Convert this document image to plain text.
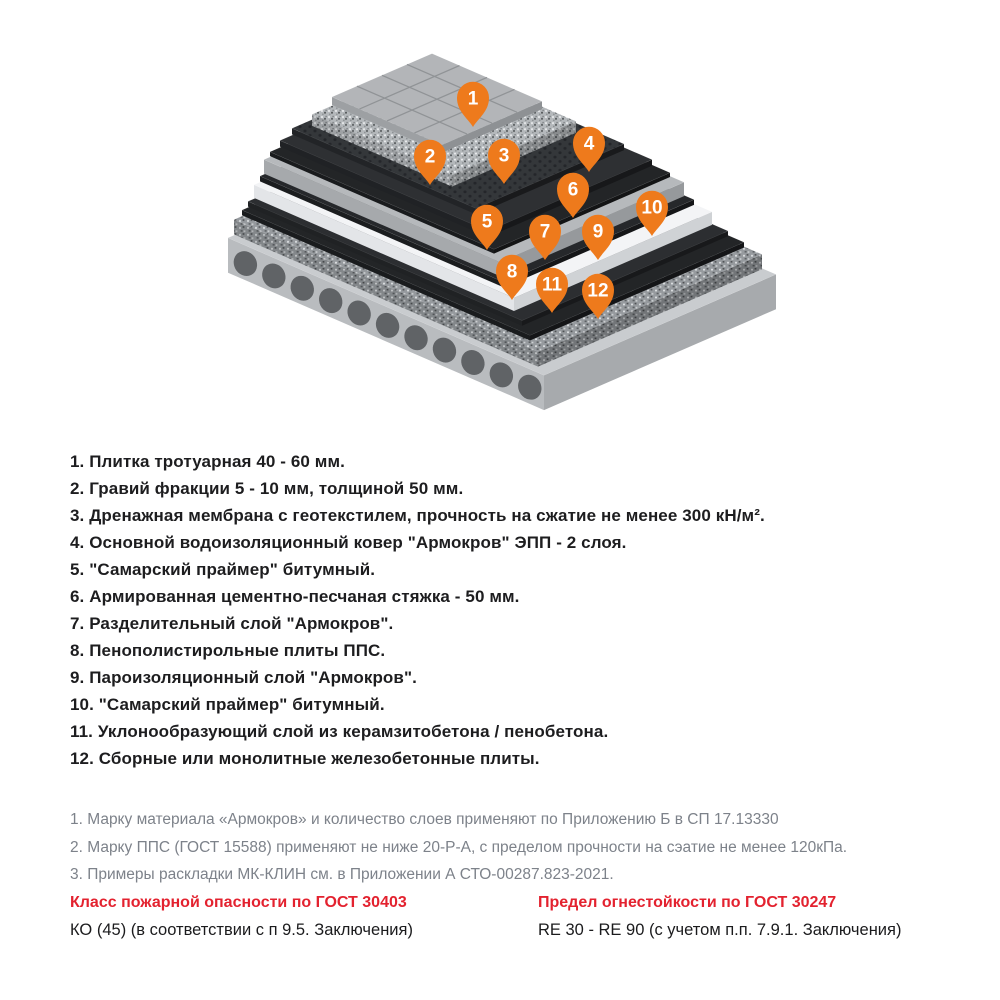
1
2	3
4
5
6
7
8
9
10
11 12
1. Плитка тротуарная 40 - 60 мм.
2. Гравий фракции 5 - 10 мм, толщиной 50 мм.
3. Дренажная мембрана с геотекстилем, прочность на сжатие не менее 300 кН/м².
4. Основной водоизоляционный ковер "Армокров" ЭПП - 2 слоя.
5. "Самарский праймер" битумный.
6. Армированная цементно-песчаная стяжка - 50 мм.
7. Разделительный слой "Армокров".
8. Пенополистирольные плиты ППС.
9. Пароизоляционный слой "Армокров".
10. "Самарский праймер" битумный.
11. Уклонообразующий слой из керамзитобетона / пенобетона.
12. Сборные или монолитные железобетонные плиты.
1. Марку материала «Армокров» и количество слоев применяют по Приложению Б в СП 17.13330
2. Марку ППС (ГОСТ 15588) применяют не ниже 20-Р-А, с пределом прочности на сэатие не менее 120кПа.
3. Примеры раскладки МК-КЛИН см. в Приложении А СТО-00287.823-2021.
Класс пожарной опасности по ГОСТ 30403
КО (45) (в соответствии с п 9.5. Заключения)
Предел огнестойкости по ГОСТ 30247
RE 30 - RE 90 (с учетом п.п. 7.9.1. Заключения)
